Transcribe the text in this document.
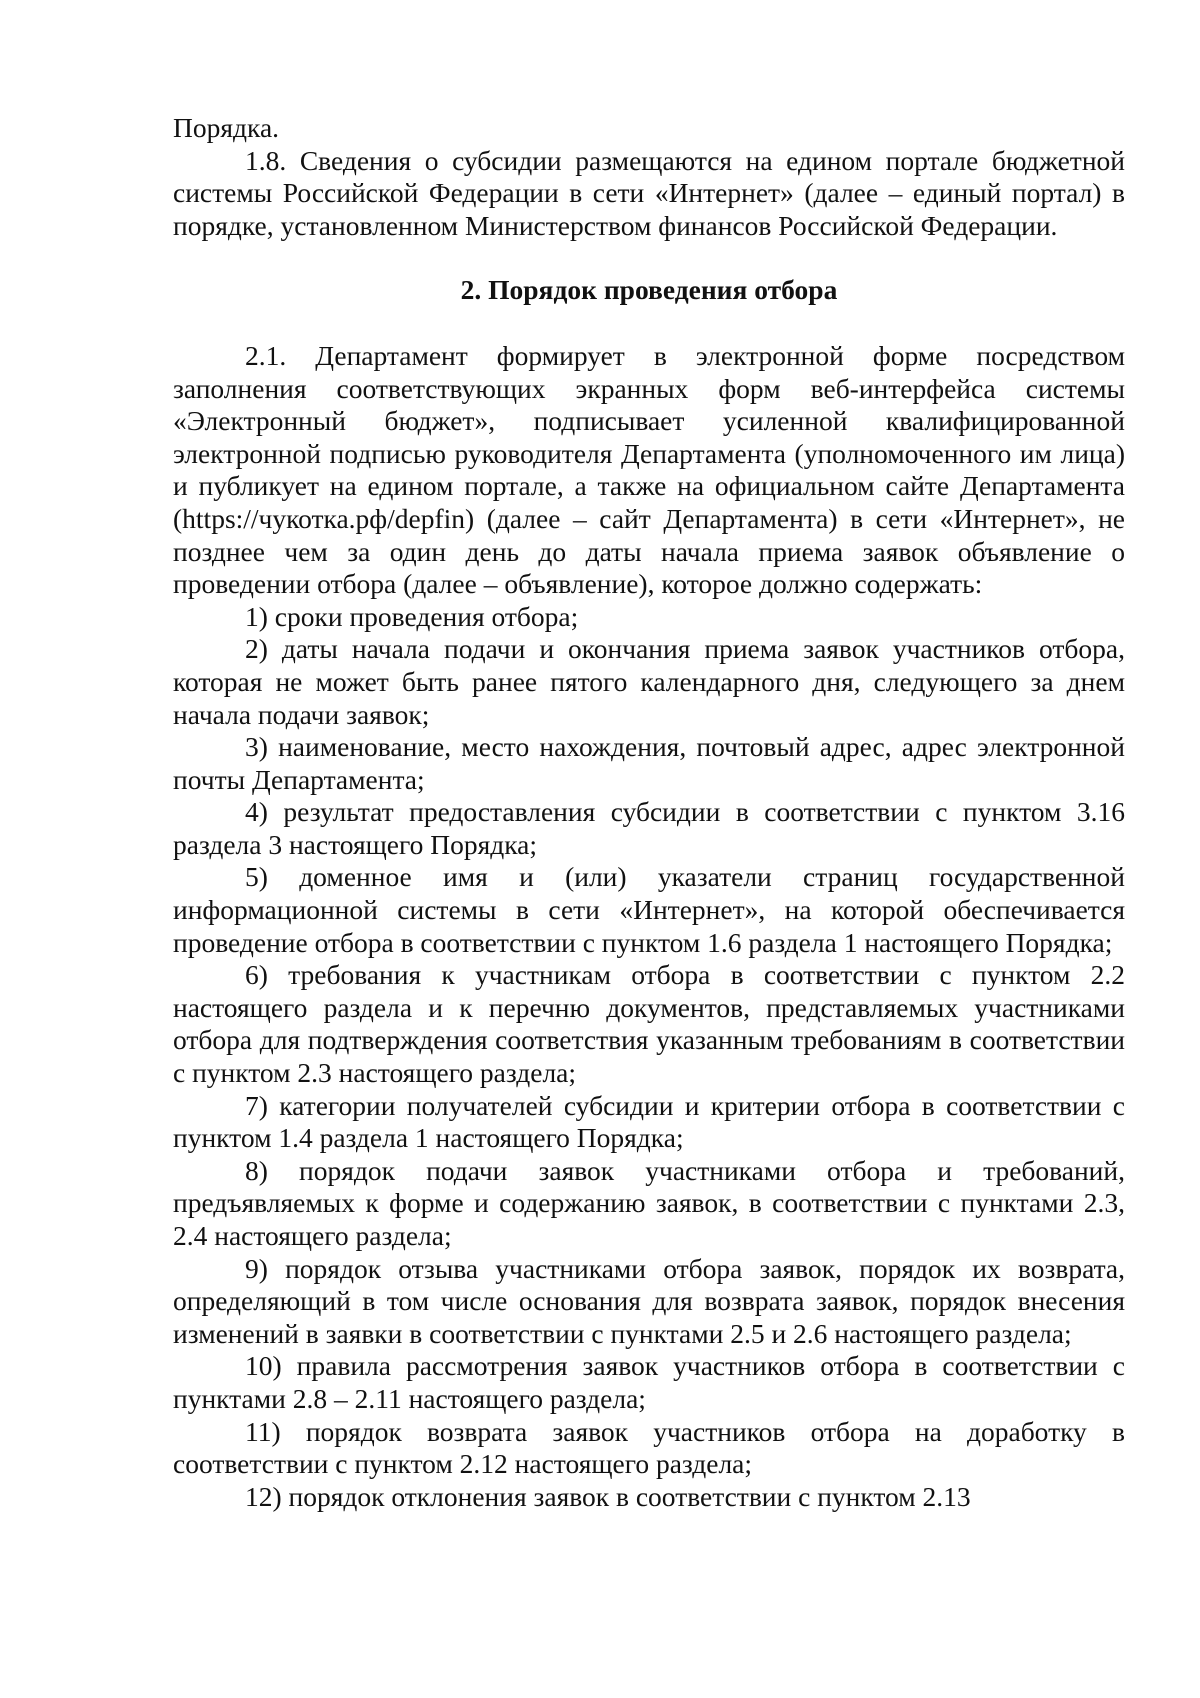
Порядка.

1.8. Сведения о субсидии размещаются на едином портале бюджетной системы Российской Федерации в сети «Интернет» (далее – единый портал) в порядке, установленном Министерством финансов Российской Федерации.

2. Порядок проведения отбора

2.1. Департамент формирует в электронной форме посредством заполнения соответствующих экранных форм веб-интерфейса системы «Электронный бюджет», подписывает усиленной квалифицированной электронной подписью руководителя Департамента (уполномоченного им лица) и публикует на едином портале, а также на официальном сайте Департамента (https://чукотка.рф/depfin) (далее – сайт Департамента) в сети «Интернет», не позднее чем за один день до даты начала приема заявок объявление о проведении отбора (далее – объявление), которое должно содержать:

1) сроки проведения отбора;

2) даты начала подачи и окончания приема заявок участников отбора, которая не может быть ранее пятого календарного дня, следующего за днем начала подачи заявок;

3) наименование, место нахождения, почтовый адрес, адрес электронной почты Департамента;

4) результат предоставления субсидии в соответствии с пунктом 3.16 раздела 3 настоящего Порядка;

5) доменное имя и (или) указатели страниц государственной информационной системы в сети «Интернет», на которой обеспечивается проведение отбора в соответствии с пунктом 1.6 раздела 1 настоящего Порядка;

6) требования к участникам отбора в соответствии с пунктом 2.2 настоящего раздела и к перечню документов, представляемых участниками отбора для подтверждения соответствия указанным требованиям в соответствии с пунктом 2.3 настоящего раздела;

7) категории получателей субсидии и критерии отбора в соответствии с пунктом 1.4 раздела 1 настоящего Порядка;

8) порядок подачи заявок участниками отбора и требований, предъявляемых к форме и содержанию заявок, в соответствии с пунктами 2.3, 2.4 настоящего раздела;

9) порядок отзыва участниками отбора заявок, порядок их возврата, определяющий в том числе основания для возврата заявок, порядок внесения изменений в заявки в соответствии с пунктами 2.5 и 2.6 настоящего раздела;

10) правила рассмотрения заявок участников отбора в соответствии с пунктами 2.8 – 2.11 настоящего раздела;

11) порядок возврата заявок участников отбора на доработку в соответствии с пунктом 2.12 настоящего раздела;

12) порядок отклонения заявок в соответствии с пунктом 2.13
